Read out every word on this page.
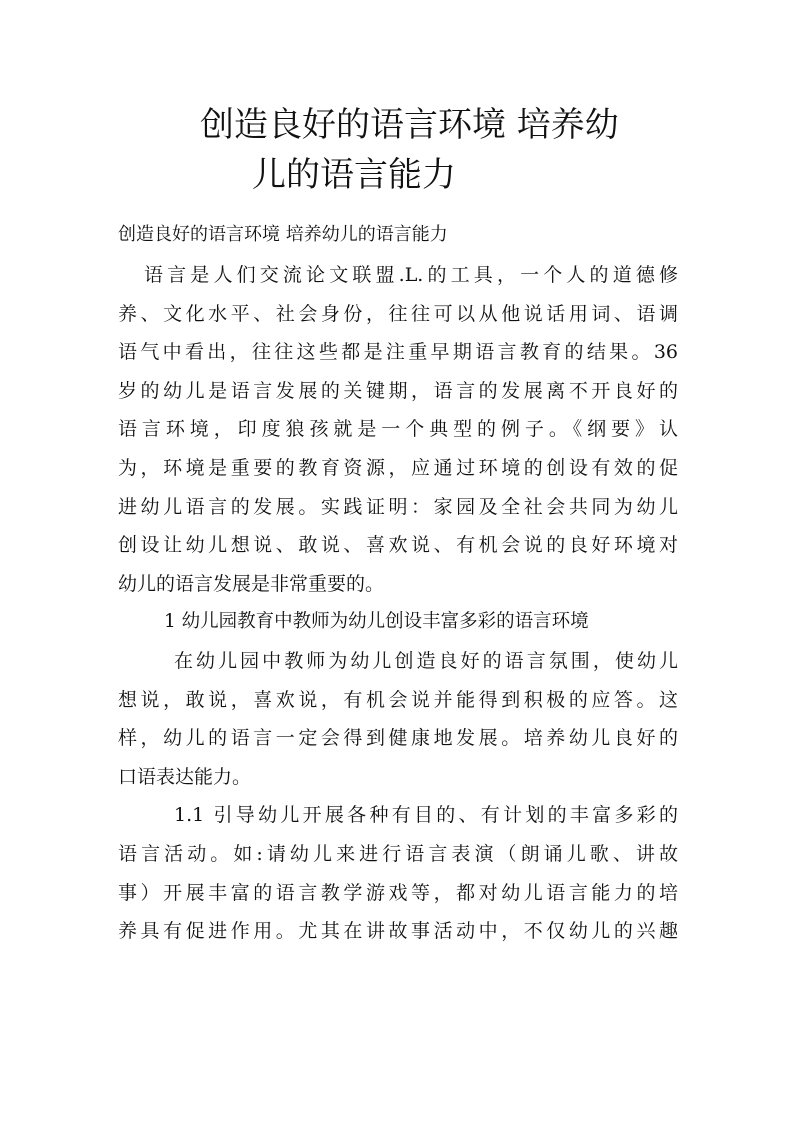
创造良好的语言环境 培养幼
儿的语言能力

创造良好的语言环境 培养幼儿的语言能力

语言是人们交流论文联盟.L.的工具，一个人的道德修
养、文化水平、社会身份，往往可以从他说话用词、语调
语气中看出，往往这些都是注重早期语言教育的结果。36
岁的幼儿是语言发展的关键期，语言的发展离不开良好的
语言环境，印度狼孩就是一个典型的例子。《纲要》认
为，环境是重要的教育资源，应通过环境的创设有效的促
进幼儿语言的发展。实践证明：家园及全社会共同为幼儿
创设让幼儿想说、敢说、喜欢说、有机会说的良好环境对
幼儿的语言发展是非常重要的。
1 幼儿园教育中教师为幼儿创设丰富多彩的语言环境
在幼儿园中教师为幼儿创造良好的语言氛围，使幼儿
想说，敢说，喜欢说，有机会说并能得到积极的应答。这
样，幼儿的语言一定会得到健康地发展。培养幼儿良好的
口语表达能力。
1.1 引导幼儿开展各种有目的、有计划的丰富多彩的
语言活动。如:请幼儿来进行语言表演（朗诵儿歌、讲故
事）开展丰富的语言教学游戏等，都对幼儿语言能力的培
养具有促进作用。尤其在讲故事活动中，不仅幼儿的兴趣
